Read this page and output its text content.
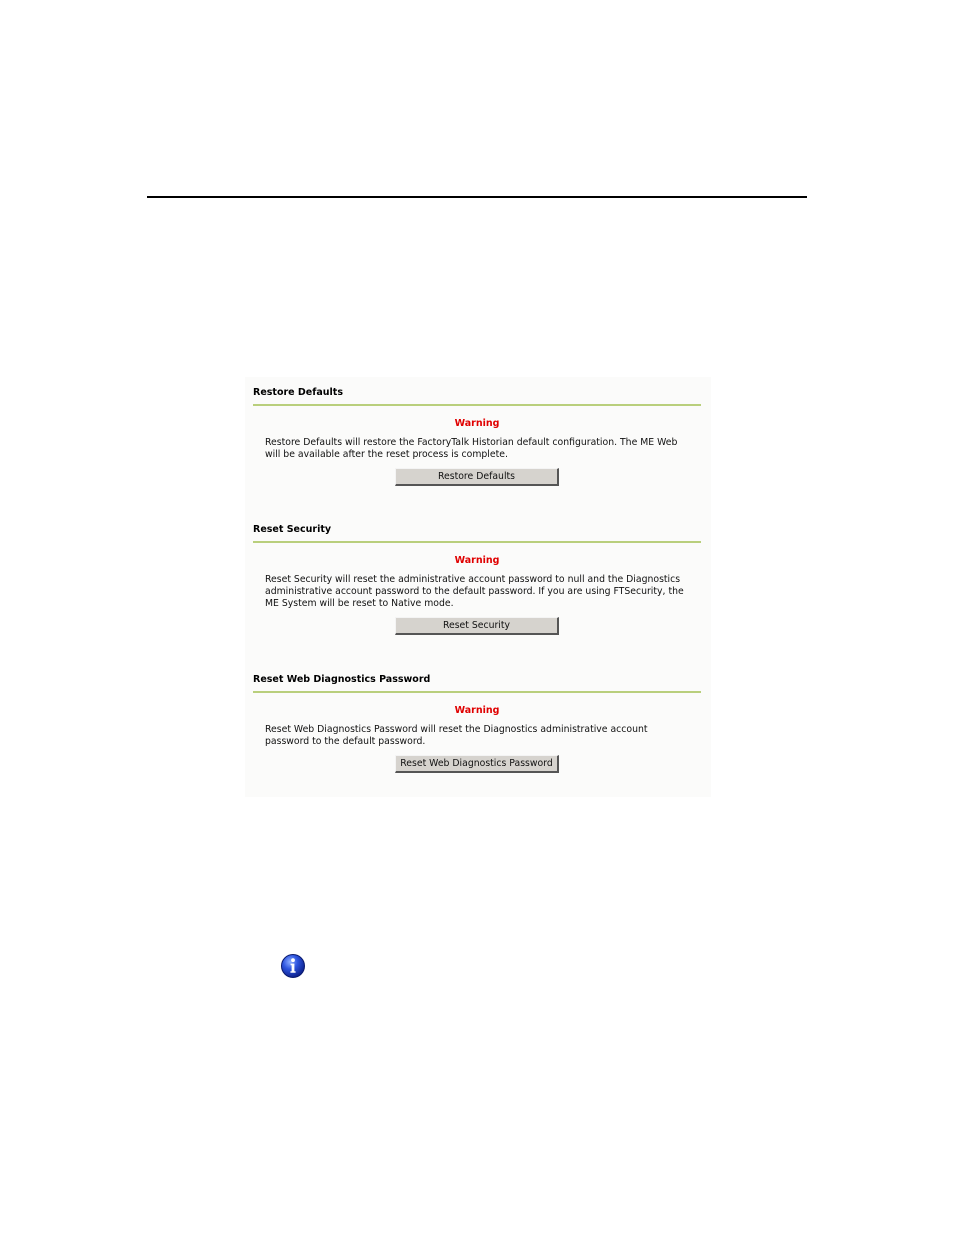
Restore Defaults
Warning
Restore Defaults will restore the FactoryTalk Historian default configuration. The ME Web will be available after the reset process is complete.
Restore Defaults
Reset Security
Warning
Reset Security will reset the administrative account password to null and the Diagnostics administrative account password to the default password. If you are using FTSecurity, the ME System will be reset to Native mode.
Reset Security
Reset Web Diagnostics Password
Warning
Reset Web Diagnostics Password will reset the Diagnostics administrative account password to the default password.
Reset Web Diagnostics Password
